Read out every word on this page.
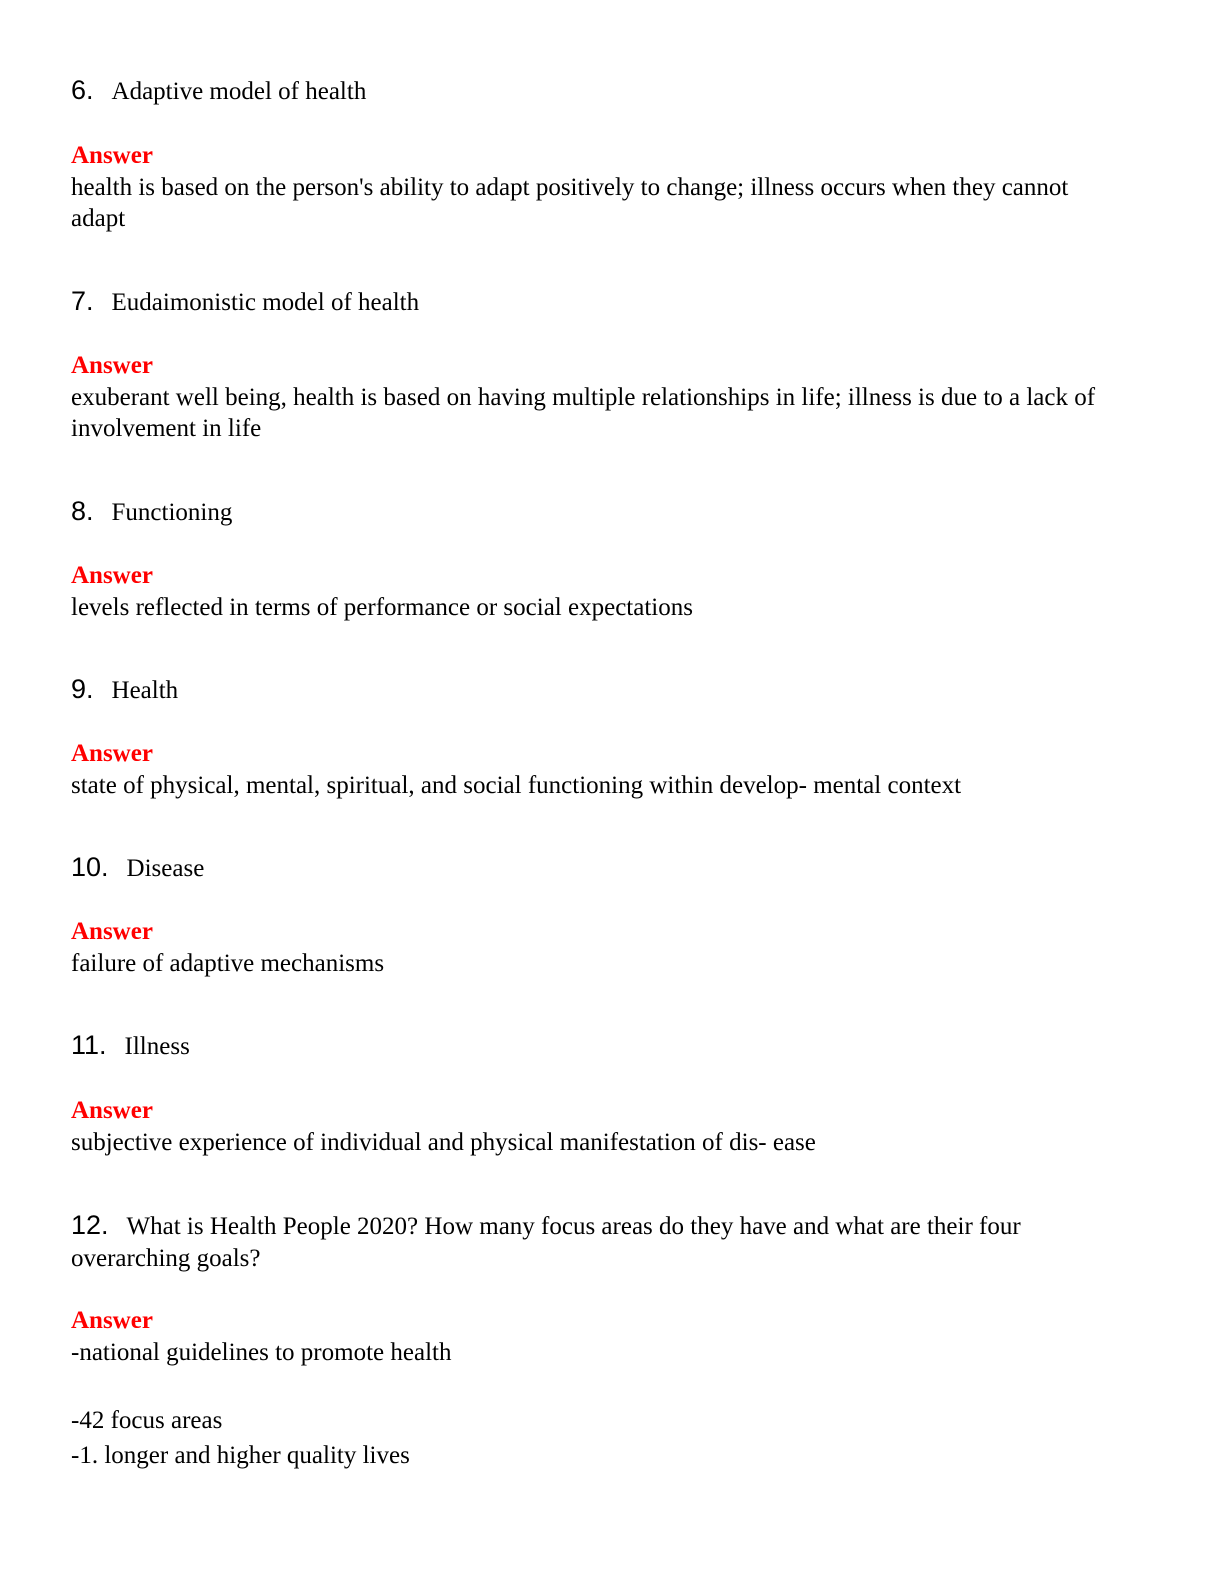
6. Adaptive model of health
Answer
health is based on the person's ability to adapt positively to change; illness occurs when they cannot adapt
7. Eudaimonistic model of health
Answer
exuberant well being, health is based on having multiple relationships in life; illness is due to a lack of involvement in life
8. Functioning
Answer
levels reflected in terms of performance or social expectations
9. Health
Answer
state of physical, mental, spiritual, and social functioning within develop- mental context
10. Disease
Answer
failure of adaptive mechanisms
11. Illness
Answer
subjective experience of individual and physical manifestation of dis- ease
12. What is Health People 2020? How many focus areas do they have and what are their four overarching goals?
Answer
-national guidelines to promote health
-42 focus areas
-1. longer and higher quality lives
